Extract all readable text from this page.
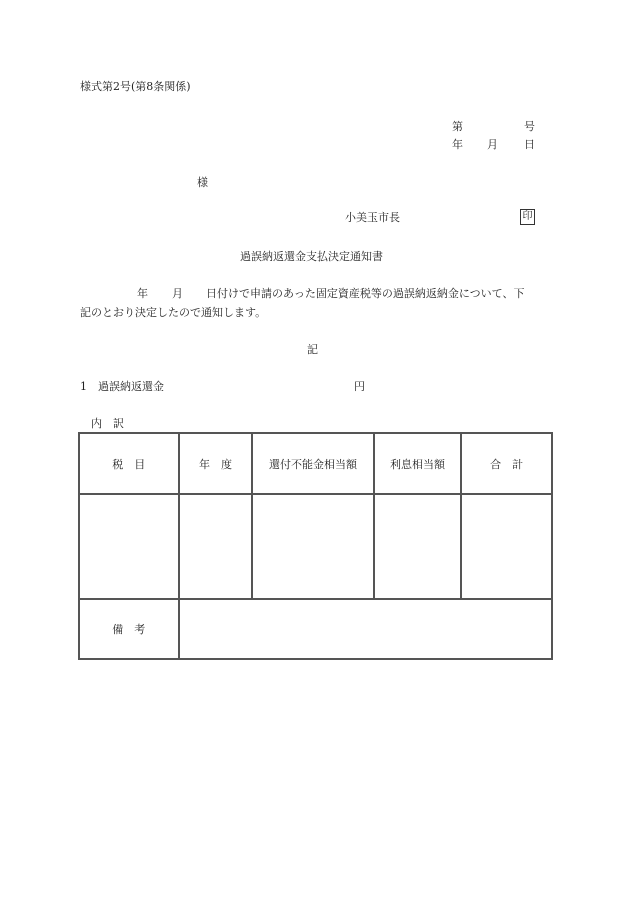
様式第2号(第8条関係)
第	号
年 月 日
様
小美玉市長	印
過誤納返還金支払決定通知書
年 月 日付けで申請のあった固定資産税等の過誤納返納金について、下
記のとおり決定したので通知します。
記
1　過誤納返還金	円
内　訳
税　目	年　度	還付不能金相当額	利息相当額	合　計

備　考				
